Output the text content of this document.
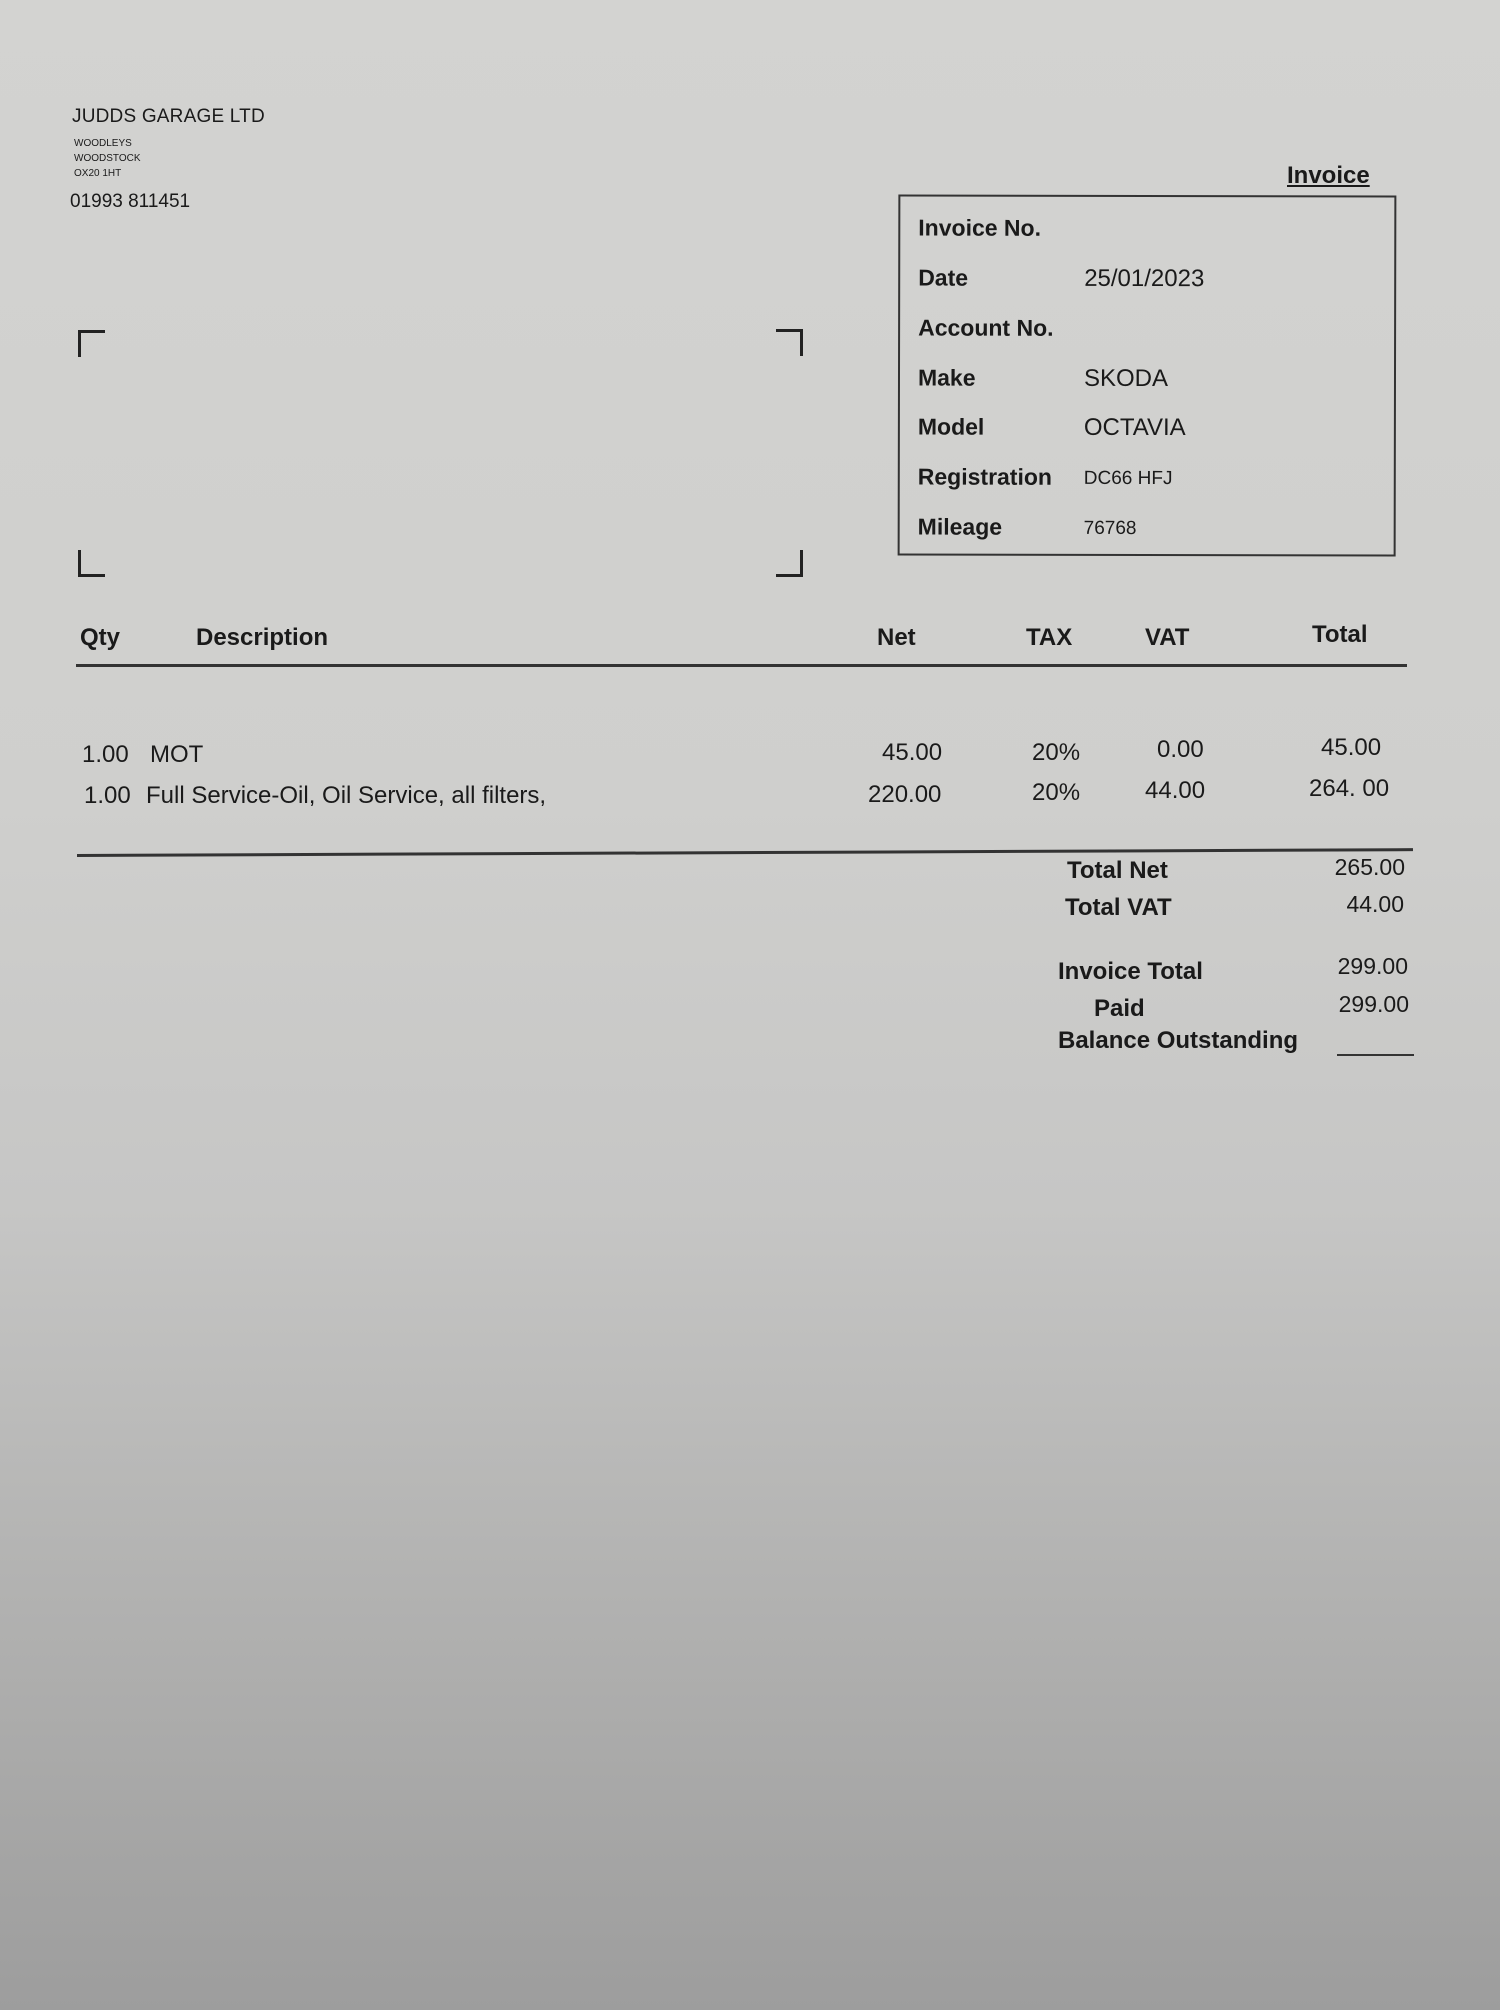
JUDDS GARAGE LTD
WOODLEYS
WOODSTOCK
OX20 1HT
01993 811451
Invoice
Invoice No.
Date	25/01/2023
Account No.
Make	SKODA
Model	OCTAVIA
Registration DC66 HFJ
Mileage	76768
Qty	Description	Net	TAX	VAT	Total
1.00 MOT	45.00	20%	0.00	45.00
1.00 Full Service-Oil, Oil Service, all filters,	220.00	20%	44.00	264. 00
Total Net	265.00
Total VAT	44.00
Invoice Total	299.00
Paid	299.00
Balance Outstanding
